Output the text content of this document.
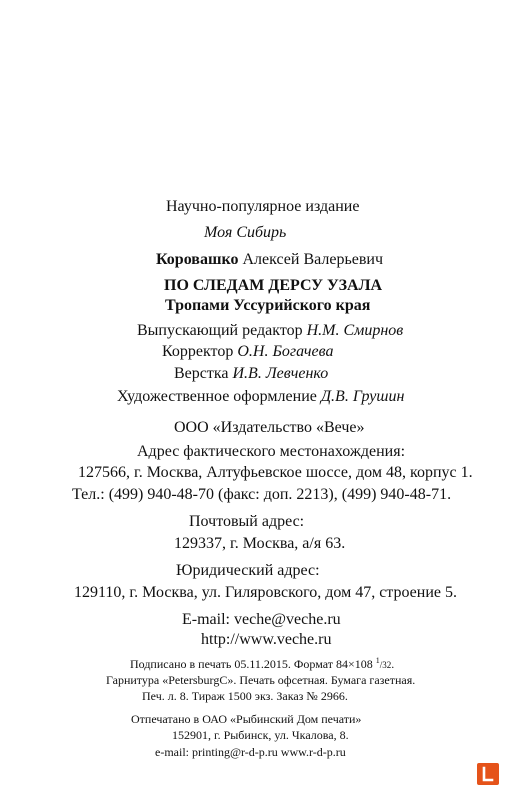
Научно-популярное издание
Моя Сибирь
Коровашко Алексей Валерьевич
ПО СЛЕДАМ ДЕРСУ УЗАЛА
Тропами Уссурийского края
Выпускающий редактор Н.М. Смирнов
Корректор О.Н. Богачева
Верстка И.В. Левченко
Художественное оформление Д.В. Грушин
ООО «Издательство «Вече»
Адрес фактического местонахождения:
127566, г. Москва, Алтуфьевское шоссе, дом 48, корпус 1.
Тел.: (499) 940-48-70 (факс: доп. 2213), (499) 940-48-71.
Почтовый адрес:
129337, г. Москва, а/я 63.
Юридический адрес:
129110, г. Москва, ул. Гиляровского, дом 47, строение 5.
E-mail: veche@veche.ru
http://www.veche.ru
Подписано в печать 05.11.2015. Формат 84×108 $^1$/32.
Гарнитура «PetersburgC». Печать офсетная. Бумага газетная.
Печ. л. 8. Тираж 1500 экз. Заказ № 2966.
Отпечатано в ОАО «Рыбинский Дом печати»
152901, г. Рыбинск, ул. Чкалова, 8.
e-mail: printing@r-d-p.ru www.r-d-p.ru
